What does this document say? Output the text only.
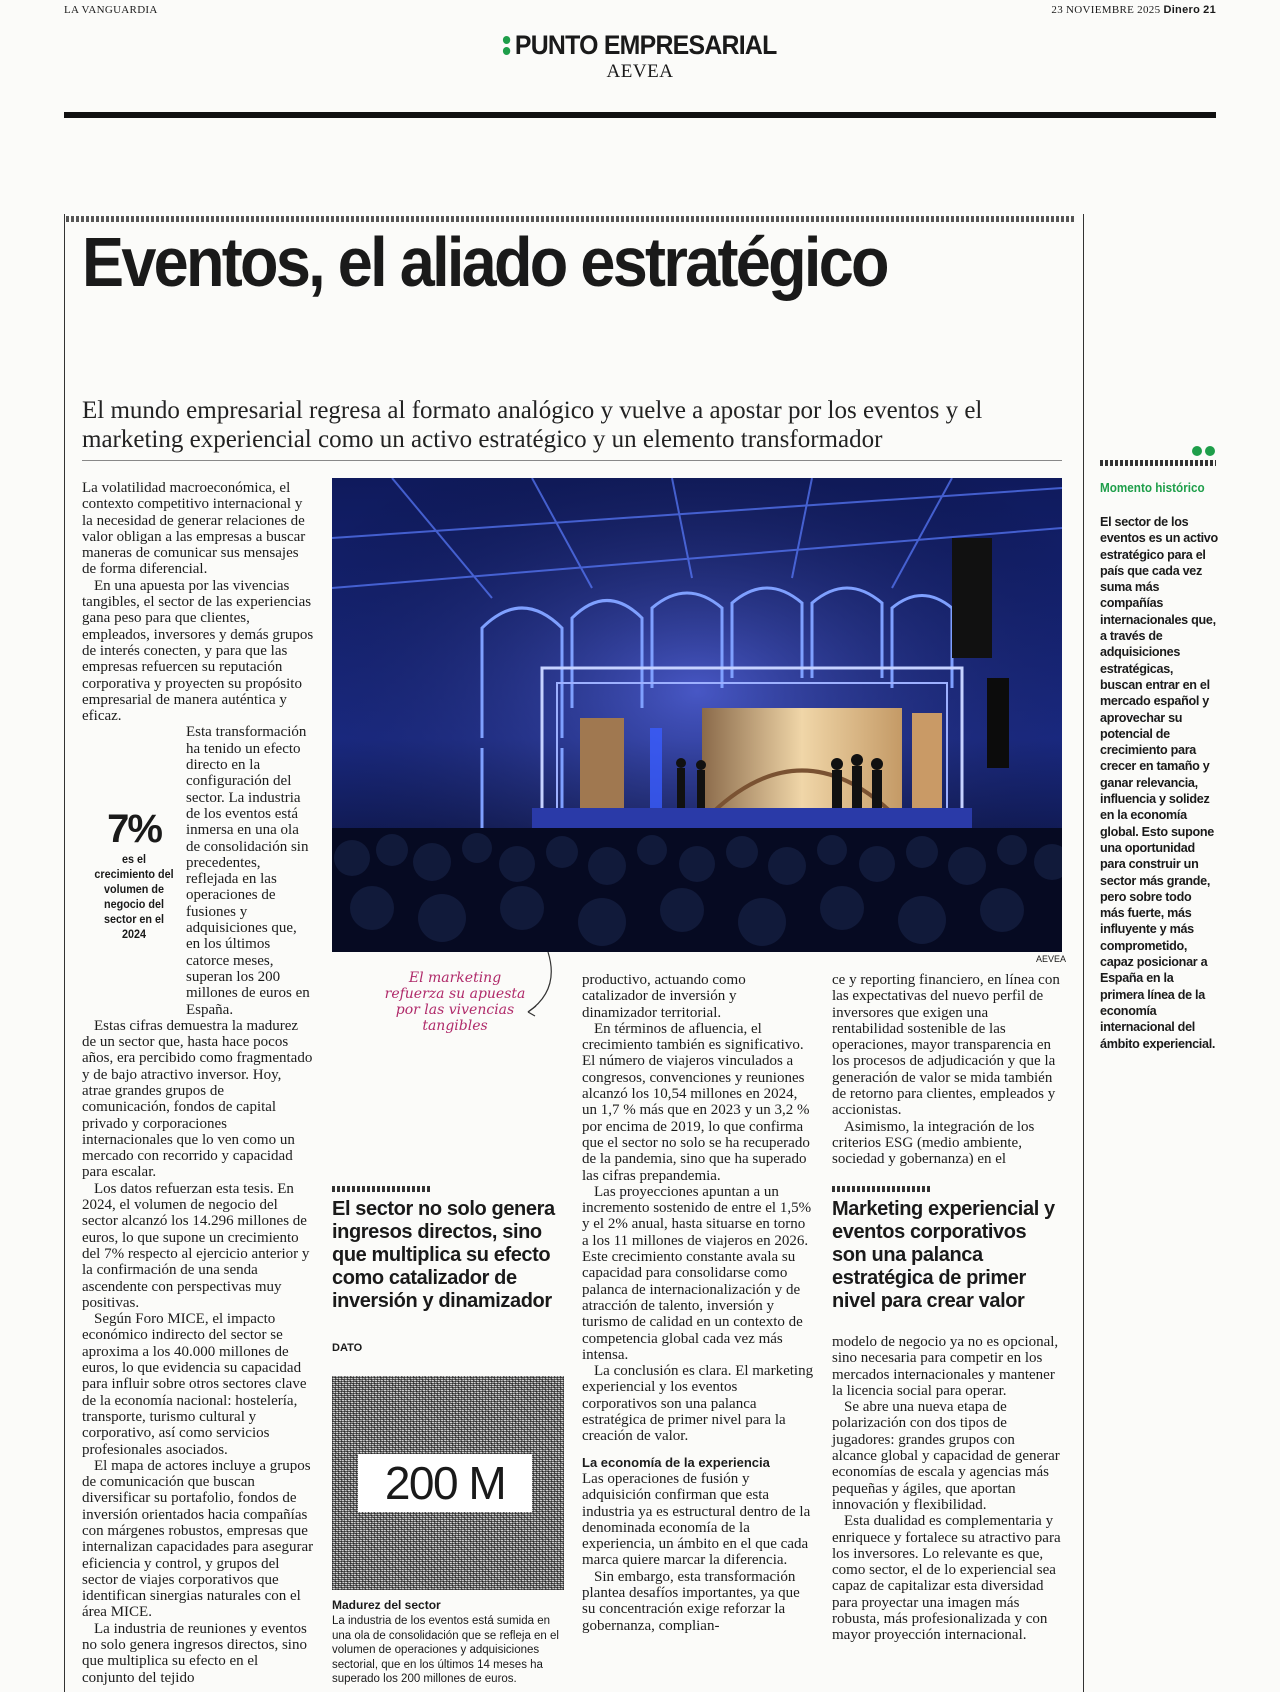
LA VANGUARDIA	23 NOVIEMBRE 2025 Dinero 21
PUNTO EMPRESARIAL
AEVEA
Eventos, el aliado estratégico
El mundo empresarial regresa al formato analógico y vuelve a apostar por los eventos y el marketing experiencial como un activo estratégico y un elemento transformador

La volatilidad macroeconómica, el contexto competitivo internacional y la necesidad de generar relaciones de valor obligan a las empresas a buscar maneras de comunicar sus mensajes de forma diferencial.

En una apuesta por las vivencias tangibles, el sector de las experiencias gana peso para que clientes, empleados, inversores y demás grupos de interés conecten, y para que las empresas refuercen su reputación corporativa y proyecten su propósito empresarial de manera auténtica y eficaz.

Esta transformación ha tenido un efecto directo en la configuración del sector. La industria de los eventos está inmersa en una ola de consolidación sin precedentes, reflejada en las operaciones de fusiones y adquisiciones que, en los últimos catorce meses, superan los 200 millones de euros en España.

Estas cifras demuestra la madurez de un sector que, hasta hace pocos años, era percibido como fragmentado y de bajo atractivo inversor. Hoy, atrae grandes grupos de comunicación, fondos de capital privado y corporaciones internacionales que lo ven como un mercado con recorrido y capacidad para escalar.

Los datos refuerzan esta tesis. En 2024, el volumen de negocio del sector alcanzó los 14.296 millones de euros, lo que supone un crecimiento del 7% respecto al ejercicio anterior y la confirmación de una senda ascendente con perspectivas muy positivas.

Según Foro MICE, el impacto económico indirecto del sector se aproxima a los 40.000 millones de euros, lo que evidencia su capacidad para influir sobre otros sectores clave de la economía nacional: hostelería, transporte, turismo cultural y corporativo, así como servicios profesionales asociados.

El mapa de actores incluye a grupos de comunicación que buscan diversificar su portafolio, fondos de inversión orientados hacia compañías con márgenes robustos, empresas que internalizan capacidades para asegurar eficiencia y control, y grupos del sector de viajes corporativos que identifican sinergias naturales con el área MICE.

La industria de reuniones y eventos no solo genera ingresos directos, sino que multiplica su efecto en el conjunto del tejido

7%
es el crecimiento del volumen de negocio del sector en el 2024
AEVEA
El marketing refuerza su apuesta por las vivencias tangibles

productivo, actuando como catalizador de inversión y dinamizador territorial.

En términos de afluencia, el crecimiento también es significativo. El número de viajeros vinculados a congresos, convenciones y reuniones alcanzó los 10,54 millones en 2024, un 1,7 % más que en 2023 y un 3,2 % por encima de 2019, lo que confirma que el sector no solo se ha recuperado de la pandemia, sino que ha superado las cifras prepandemia.

Las proyecciones apuntan a un incremento sostenido de entre el 1,5% y el 2% anual, hasta situarse en torno a los 11 millones de viajeros en 2026. Este crecimiento constante avala su capacidad para consolidarse como palanca de internacionalización y de atracción de talento, inversión y turismo de calidad en un contexto de competencia global cada vez más intensa.

La conclusión es clara. El marketing experiencial y los eventos corporativos son una palanca estratégica de primer nivel para la creación de valor.

La economía de la experiencia

Las operaciones de fusión y adquisición confirman que esta industria ya es estructural dentro de la denominada economía de la experiencia, un ámbito en el que cada marca quiere marcar la diferencia.

Sin embargo, esta transformación plantea desafíos importantes, ya que su concentración exige reforzar la gobernanza, complian-

ce y reporting financiero, en línea con las expectativas del nuevo perfil de inversores que exigen una rentabilidad sostenible de las operaciones, mayor transparencia en los procesos de adjudicación y que la generación de valor se mida también de retorno para clientes, empleados y accionistas.

Asimismo, la integración de los criterios ESG (medio ambiente, sociedad y gobernanza) en el

El sector no solo genera ingresos directos, sino que multiplica su efecto como catalizador de inversión y dinamizador
DATO
200 M
Madurez del sector
La industria de los eventos está sumida en una ola de consolidación que se refleja en el volumen de operaciones y adquisiciones sectorial, que en los últimos 14 meses ha superado los 200 millones de euros.
Marketing experiencial y eventos corporativos son una palanca estratégica de primer nivel para crear valor

modelo de negocio ya no es opcional, sino necesaria para competir en los mercados internacionales y mantener la licencia social para operar.

Se abre una nueva etapa de polarización con dos tipos de jugadores: grandes grupos con alcance global y capacidad de generar economías de escala y agencias más pequeñas y ágiles, que aportan innovación y flexibilidad.

Esta dualidad es complementaria y enriquece y fortalece su atractivo para los inversores. Lo relevante es que, como sector, el de lo experiencial sea capaz de capitalizar esta diversidad para proyectar una imagen más robusta, más profesionalizada y con mayor proyección internacional.

Momento histórico
El sector de los eventos es un activo estratégico para el país que cada vez suma más compañías internacionales que, a través de adquisiciones estratégicas, buscan entrar en el mercado español y aprovechar su potencial de crecimiento para crecer en tamaño y ganar relevancia, influencia y solidez en la economía global. Esto supone una oportunidad para construir un sector más grande, pero sobre todo más fuerte, más influyente y más comprometido, capaz posicionar a España en la primera línea de la economía internacional del ámbito experiencial.
